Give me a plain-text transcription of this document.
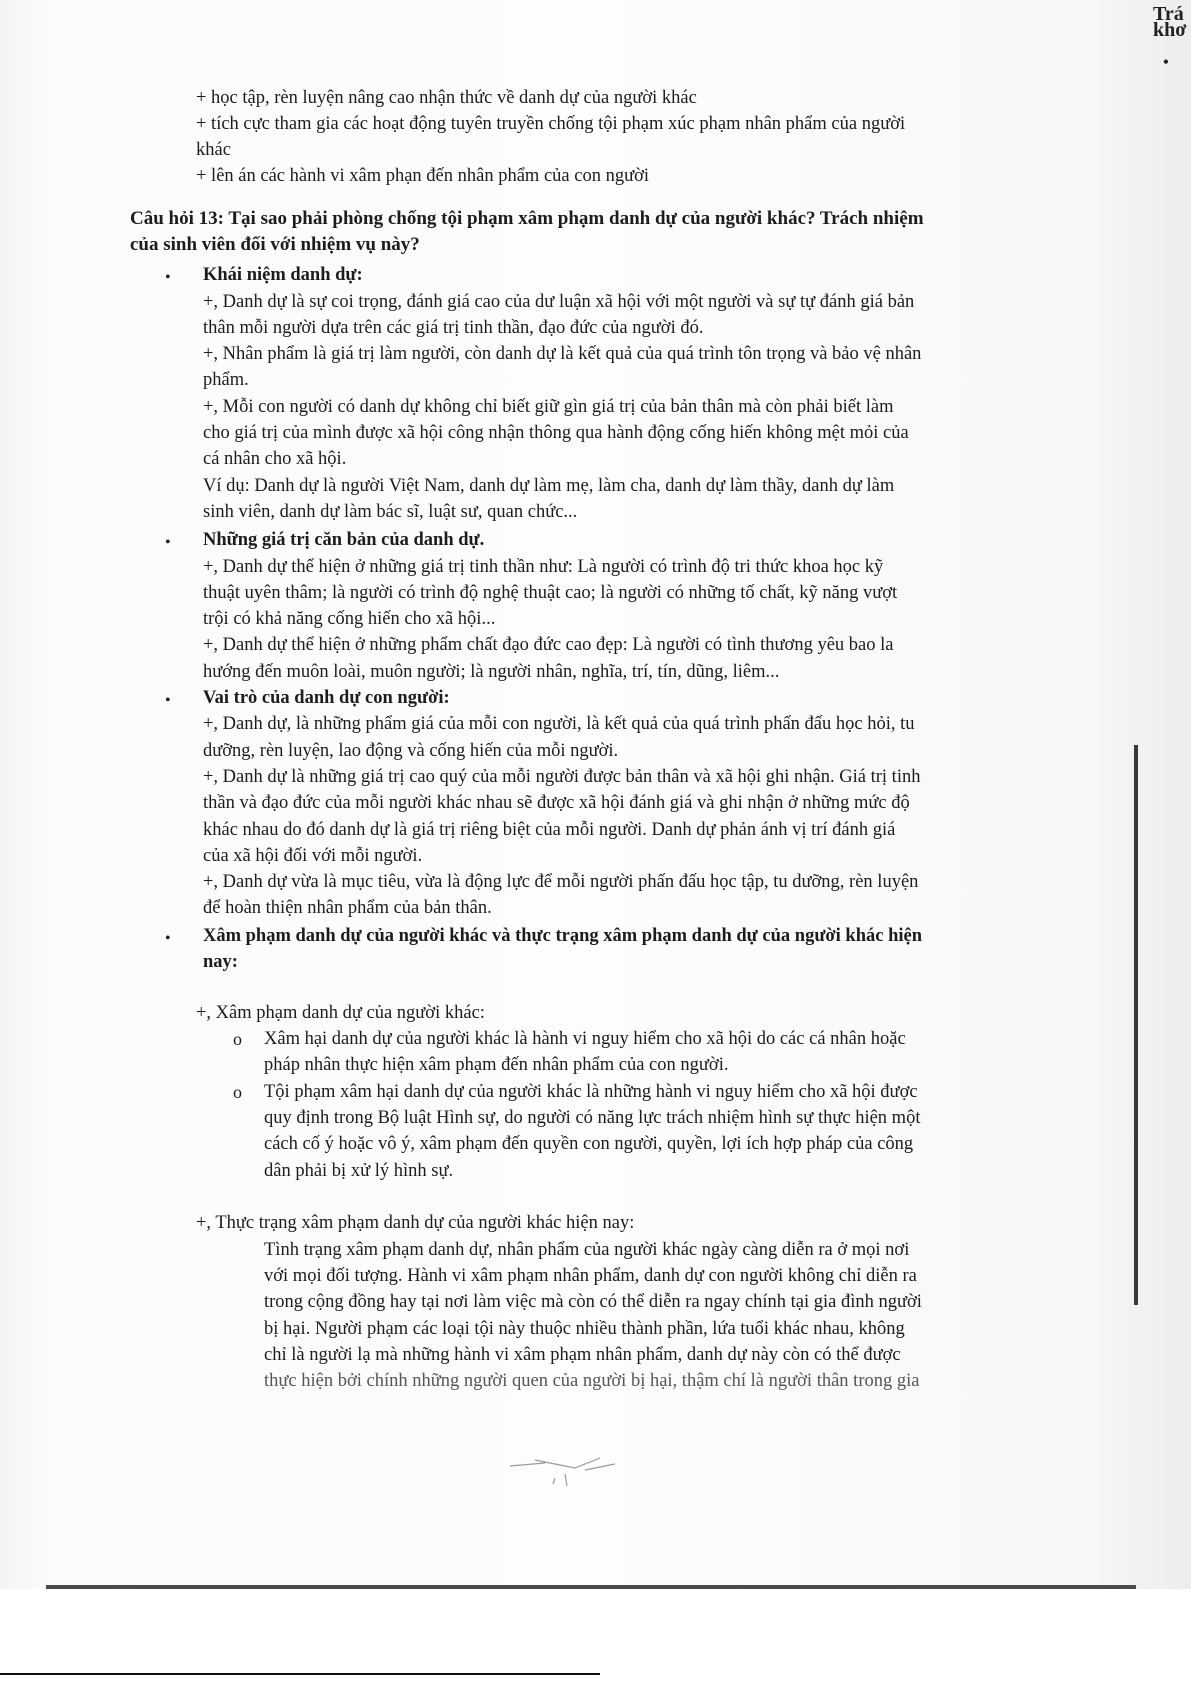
Trá
khơ
•
+ học tập, rèn luyện nâng cao nhận thức về danh dự của người khác
+ tích cực tham gia các hoạt động tuyên truyền chống tội phạm xúc phạm nhân phẩm của người
khác
+ lên án các hành vi xâm phạn đến nhân phẩm của con người
Câu hỏi 13: Tại sao phải phòng chống tội phạm xâm phạm danh dự của người khác? Trách nhiệm
của sinh viên đối với nhiệm vụ này?
• Khái niệm danh dự:
+, Danh dự là sự coi trọng, đánh giá cao của dư luận xã hội với một người và sự tự đánh giá bản
thân mỗi người dựa trên các giá trị tinh thần, đạo đức của người đó.
+, Nhân phẩm là giá trị làm người, còn danh dự là kết quả của quá trình tôn trọng và bảo vệ nhân
phẩm.
+, Mỗi con người có danh dự không chỉ biết giữ gìn giá trị của bản thân mà còn phải biết làm
cho giá trị của mình được xã hội công nhận thông qua hành động cống hiến không mệt mỏi của
cá nhân cho xã hội.
Ví dụ: Danh dự là người Việt Nam, danh dự làm mẹ, làm cha, danh dự làm thầy, danh dự làm
sinh viên, danh dự làm bác sĩ, luật sư, quan chức...
• Những giá trị căn bản của danh dự.
+, Danh dự thể hiện ở những giá trị tinh thần như: Là người có trình độ tri thức khoa học kỹ
thuật uyên thâm; là người có trình độ nghệ thuật cao; là người có những tố chất, kỹ năng vượt
trội có khả năng cống hiến cho xã hội...
+, Danh dự thể hiện ở những phẩm chất đạo đức cao đẹp: Là người có tình thương yêu bao la
hướng đến muôn loài, muôn người; là người nhân, nghĩa, trí, tín, dũng, liêm...
• Vai trò của danh dự con người:
+, Danh dự, là những phẩm giá của mỗi con người, là kết quả của quá trình phấn đấu học hỏi, tu
dưỡng, rèn luyện, lao động và cống hiến của mỗi người.
+, Danh dự là những giá trị cao quý của mỗi người được bản thân và xã hội ghi nhận. Giá trị tinh
thần và đạo đức của mỗi người khác nhau sẽ được xã hội đánh giá và ghi nhận ở những mức độ
khác nhau do đó danh dự là giá trị riêng biệt của mỗi người. Danh dự phản ánh vị trí đánh giá
của xã hội đối với mỗi người.
+, Danh dự vừa là mục tiêu, vừa là động lực để mỗi người phấn đấu học tập, tu dưỡng, rèn luyện
để hoàn thiện nhân phẩm của bản thân.
• Xâm phạm danh dự của người khác và thực trạng xâm phạm danh dự của người khác hiện
nay:
+, Xâm phạm danh dự của người khác:
o Xâm hại danh dự của người khác là hành vi nguy hiểm cho xã hội do các cá nhân hoặc
pháp nhân thực hiện xâm phạm đến nhân phẩm của con người.
o Tội phạm xâm hại danh dự của người khác là những hành vi nguy hiểm cho xã hội được
quy định trong Bộ luật Hình sự, do người có năng lực trách nhiệm hình sự thực hiện một
cách cố ý hoặc vô ý, xâm phạm đến quyền con người, quyền, lợi ích hợp pháp của công
dân phải bị xử lý hình sự.
+, Thực trạng xâm phạm danh dự của người khác hiện nay:
Tình trạng xâm phạm danh dự, nhân phẩm của người khác ngày càng diễn ra ở mọi nơi
với mọi đối tượng. Hành vi xâm phạm nhân phẩm, danh dự con người không chỉ diễn ra
trong cộng đồng hay tại nơi làm việc mà còn có thể diễn ra ngay chính tại gia đình người
bị hại. Người phạm các loại tội này thuộc nhiều thành phần, lứa tuổi khác nhau, không
chỉ là người lạ mà những hành vi xâm phạm nhân phẩm, danh dự này còn có thể được
thực hiện bởi chính những người quen của người bị hại, thậm chí là người thân trong gia
